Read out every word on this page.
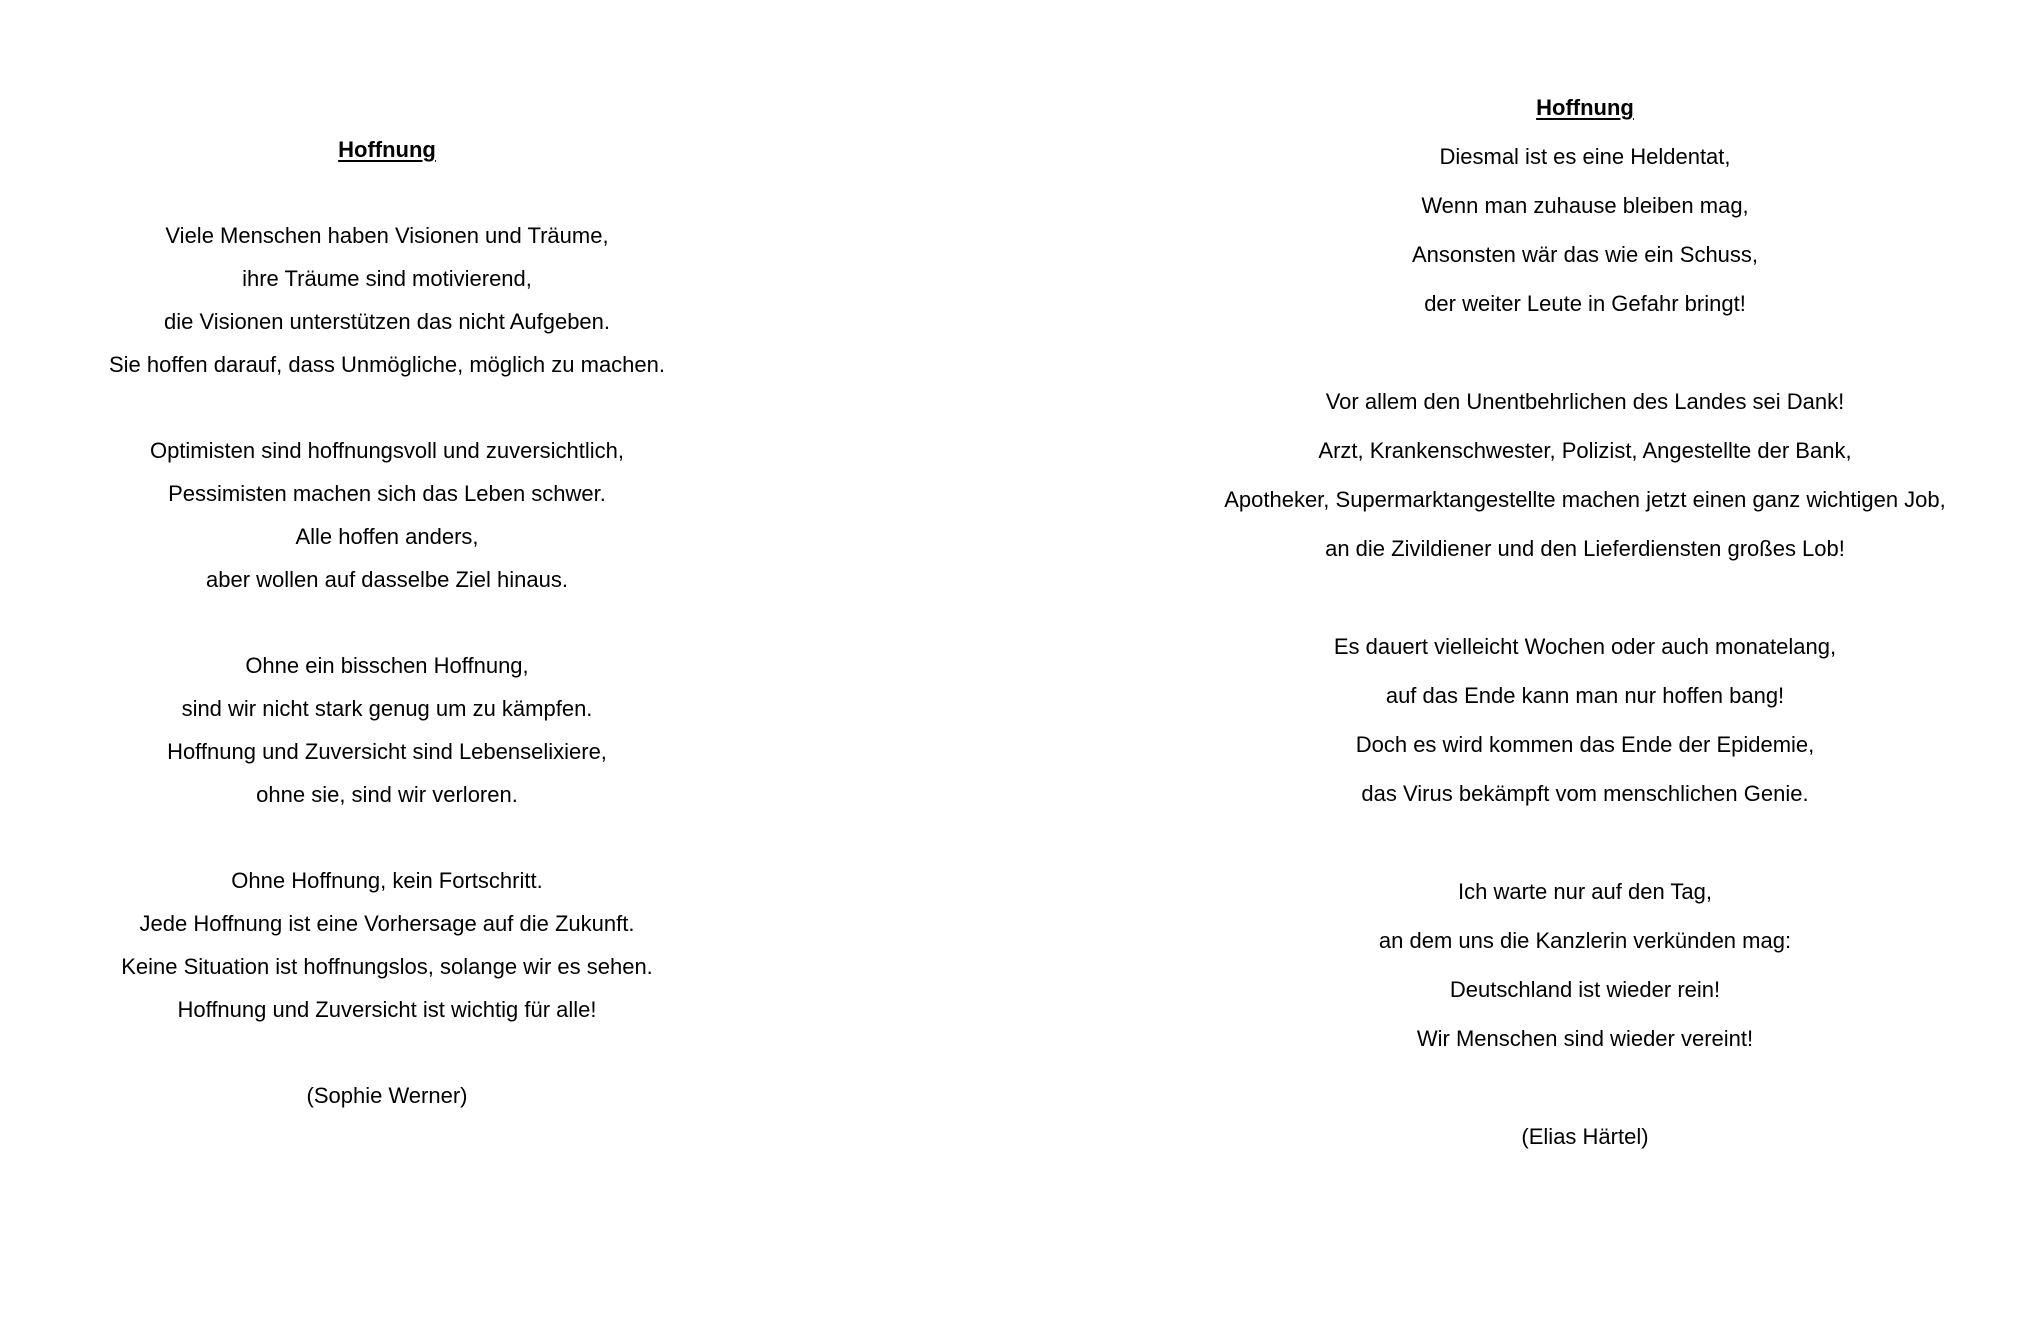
Hoffnung
Viele Menschen haben Visionen und Träume,
ihre Träume sind motivierend,
die Visionen unterstützen das nicht Aufgeben.
Sie hoffen darauf, dass Unmögliche, möglich zu machen.
Optimisten sind hoffnungsvoll und zuversichtlich,
Pessimisten machen sich das Leben schwer.
Alle hoffen anders,
aber wollen auf dasselbe Ziel hinaus.
Ohne ein bisschen Hoffnung,
sind wir nicht stark genug um zu kämpfen.
Hoffnung und Zuversicht sind Lebenselixiere,
ohne sie, sind wir verloren.
Ohne Hoffnung, kein Fortschritt.
Jede Hoffnung ist eine Vorhersage auf die Zukunft.
Keine Situation ist hoffnungslos, solange wir es sehen.
Hoffnung und Zuversicht ist wichtig für alle!
(Sophie Werner)
Hoffnung
Diesmal ist es eine Heldentat,
Wenn man zuhause bleiben mag,
Ansonsten wär das wie ein Schuss,
der weiter Leute in Gefahr bringt!
Vor allem den Unentbehrlichen des Landes sei Dank!
Arzt, Krankenschwester, Polizist, Angestellte der Bank,
Apotheker, Supermarktangestellte machen jetzt einen ganz wichtigen Job,
an die Zivildiener und den Lieferdiensten großes Lob!
Es dauert vielleicht Wochen oder auch monatelang,
auf das Ende kann man nur hoffen bang!
Doch es wird kommen das Ende der Epidemie,
das Virus bekämpft vom menschlichen Genie.
Ich warte nur auf den Tag,
an dem uns die Kanzlerin verkünden mag:
Deutschland ist wieder rein!
Wir Menschen sind wieder vereint!
(Elias Härtel)
